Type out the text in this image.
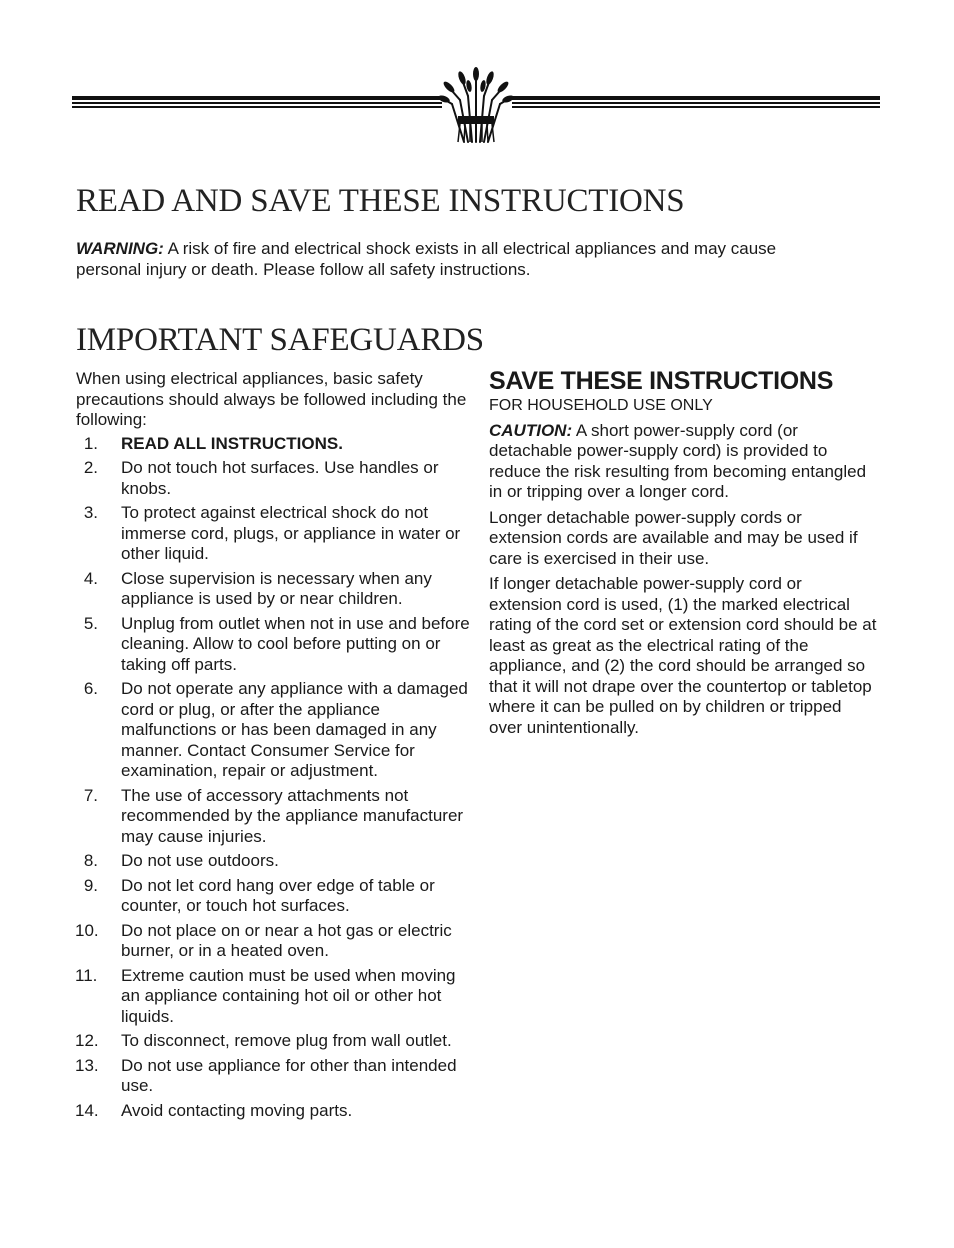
READ AND SAVE THESE INSTRUCTIONS

WARNING: A risk of fire and electrical shock exists in all electrical appliances and may cause personal injury or death. Please follow all safety instructions.

IMPORTANT SAFEGUARDS

When using electrical appliances, basic safety precautions should always be followed including the following:

1. READ ALL INSTRUCTIONS.
2. Do not touch hot surfaces. Use handles or knobs.
3. To protect against electrical shock do not immerse cord, plugs, or appliance in water or other liquid.
4. Close supervision is necessary when any appliance is used by or near children.
5. Unplug from outlet when not in use and before cleaning. Allow to cool before putting on or taking off parts.
6. Do not operate any appliance with a damaged cord or plug, or after the appliance malfunctions or has been damaged in any manner. Contact Consumer Service for examination, repair or adjustment.
7. The use of accessory attachments not recommended by the appliance manufacturer may cause injuries.
8. Do not use outdoors.
9. Do not let cord hang over edge of table or counter, or touch hot surfaces.
10. Do not place on or near a hot gas or electric burner, or in a heated oven.
11. Extreme caution must be used when moving an appliance containing hot oil or other hot liquids.
12. To disconnect, remove plug from wall outlet.
13. Do not use appliance for other than intended use.
14. Avoid contacting moving parts.
SAVE THESE INSTRUCTIONS
FOR HOUSEHOLD USE ONLY

CAUTION: A short power-supply cord (or detachable power-supply cord) is provided to reduce the risk resulting from becoming entangled in or tripping over a longer cord.

Longer detachable power-supply cords or extension cords are available and may be used if care is exercised in their use.

If longer detachable power-supply cord or extension cord is used, (1) the marked electrical rating of the cord set or extension cord should be at least as great as the electrical rating of the appliance, and (2) the cord should be arranged so that it will not drape over the countertop or tabletop where it can be pulled on by children or tripped over unintentionally.
